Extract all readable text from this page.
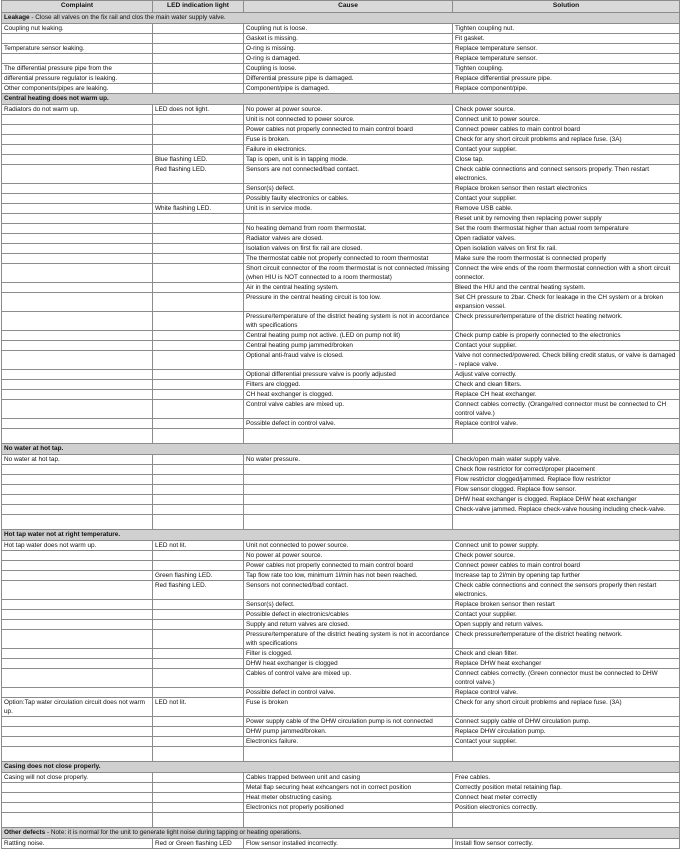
Complaint	LED indication light	Cause	Solution
Leakage - Close all valves on the fix rail and clos the main water supply valve.			
Coupling nut leaking.		Coupling nut is loose.	Tighten coupling nut.
		Gasket is missing.	Fit gasket.
Temperature sensor leaking.		O-ring is missing.	Replace temperature sensor.
		O-ring is damaged.	Replace temperature sensor.
The differential pressure pipe from the		Coupling is loose.	Tighten coupling.
differential pressure regulator is leaking.		Differential pressure pipe is damaged.	Replace differential pressure pipe.
Other components/pipes are leaking.		Component/pipe is damaged.	Replace component/pipe.
Central heating does not warm up.			
Radiators do not warm up.	LED does not light.	No power at power source.	Check power source.
		Unit is not connected to power source.	Connect unit to power source.
		Power cables not properly connected to main control board	Connect power cables to main control board
		Fuse is broken.	Check for any short circuit problems and replace fuse. (3A)
		Failure in electronics.	Contact your supplier.
	Blue flashing LED.	Tap is open, unit is in tapping mode.	Close tap.
	Red flashing LED.	Sensors are not connected/bad contact.	Check cable connections and connect sensors properly. Then restart electronics.
		Sensor(s) defect.	Replace broken sensor then restart electronics
		Possibly faulty electronics or cables.	Contact your supplier.
	White flashing LED.	Unit is in service mode.	Remove USB cable.
			Reset unit by removing then replacing power supply
		No heating demand from room thermostat.	Set the room thermostat higher than actual room temperature
		Radiator valves are closed.	Open radiator valves.
		Isolation valves on first fix rail are closed.	Open isolation valves on first fix rail.
		The thermostat cable not properly connected to room thermostat	Make sure the room thermostat is connected properly
		Short circuit connector of the room thermostat is not connected /missing (when HIU is NOT connected to a room thermostat)	Connect the wire ends of the room thermostat connection with a short circuit connector.
		Air in the central heating system.	Bleed the HIU and the central heating system.
		Pressure in the central heating circuit is too low.	Set CH pressure to 2bar. Check for leakage in the CH system or a broken expansion vessel.
		Pressure/temperature of the district heating system is not in accordance with specifications	Check pressure/temperature of the district heating network.
		Central heating pump not active. (LED on pump not lit)	Check pump cable is properly connected to the electronics
		Central heating pump jammed/broken	Contact your supplier.
		Optional anti-fraud valve is closed.	Valve not connected/powered. Check billing credit status, or valve is damaged - replace valve.
		Optional differential pressure valve is poorly adjusted	Adjust valve correctly.
		Filters are clogged.	Check and clean filters.
		CH heat exchanger is clogged.	Replace CH heat exchanger.
		Control valve cables are mixed up.	Connect cables correctly. (Orange/red connector must be connected to CH control valve.)
		Possible defect in control valve.	Replace control valve.

No water at hot tap.			
No water at hot tap.		No water pressure.	Check/open main water supply valve.
			Check flow restrictor for correct/proper placement
			Flow restrictor clogged/jammed. Replace flow restrictor
			Flow sensor clogged. Replace flow sensor.
			DHW heat exchanger is clogged. Replace DHW heat exchanger
			Check-valve jammed. Replace check-valve housing including check-valve.

Hot tap water not at right temperature.			
Hot tap water does not warm up.	LED not lit.	Unit not connected to power source.	Connect unit to power supply.
		No power at power source.	Check power source.
		Power cables not properly connected to main control board	Connect power cables to main control board
	Green flashing LED.	Tap flow rate too low, minimum 1l/min has not been reached.	Increase tap to 2l/min by opening tap further
	Red flashing LED.	Sensors not connected/bad contact.	Check cable connections and connect the sensors properly then restart electronics.
		Sensor(s) defect.	Replace broken sensor then restart
		Possible defect in electronics/cables	Contact your supplier.
		Supply and return valves are closed.	Open supply and return valves.
		Pressure/temperature of the district heating system is not in accordance with specifications	Check pressure/temperature of the district heating network.
		Filter is clogged.	Check and clean filter.
		DHW heat exchanger is clogged	Replace DHW heat exchanger
		Cables of control valve are mixed up.	Connect cables correctly. (Green connector must be connected to DHW control valve.)
		Possible defect in control valve.	Replace control valve.
Option:Tap water circulation circuit does not warm up.	LED not lit.	Fuse is broken	Check for any short circuit problems and replace fuse. (3A)
		Power supply cable of the DHW circulation pump is not connected	Connect supply cable of DHW circulation pump.
		DHW pump jammed/broken.	Replace DHW circulation pump.
		Electronics failure.	Contact your supplier.

Casing does not close properly.			
Casing will not close properly.		Cables trapped between unit and casing	Free cables.
		Metal flap securing heat exhcangers not in correct position	Correctly position metal retaining flap.
		Heat meter obstructing casing.	Connect heat meter correctly
		Electronics not properly positioned	Position electronics correctly.

Other defects - Note: it is normal for the unit to generate light noise during tapping or heating operations.			
Rattling noise.	Red or Green flashing LED	Flow sensor installed incorrectly.	Install flow sensor correctly.
